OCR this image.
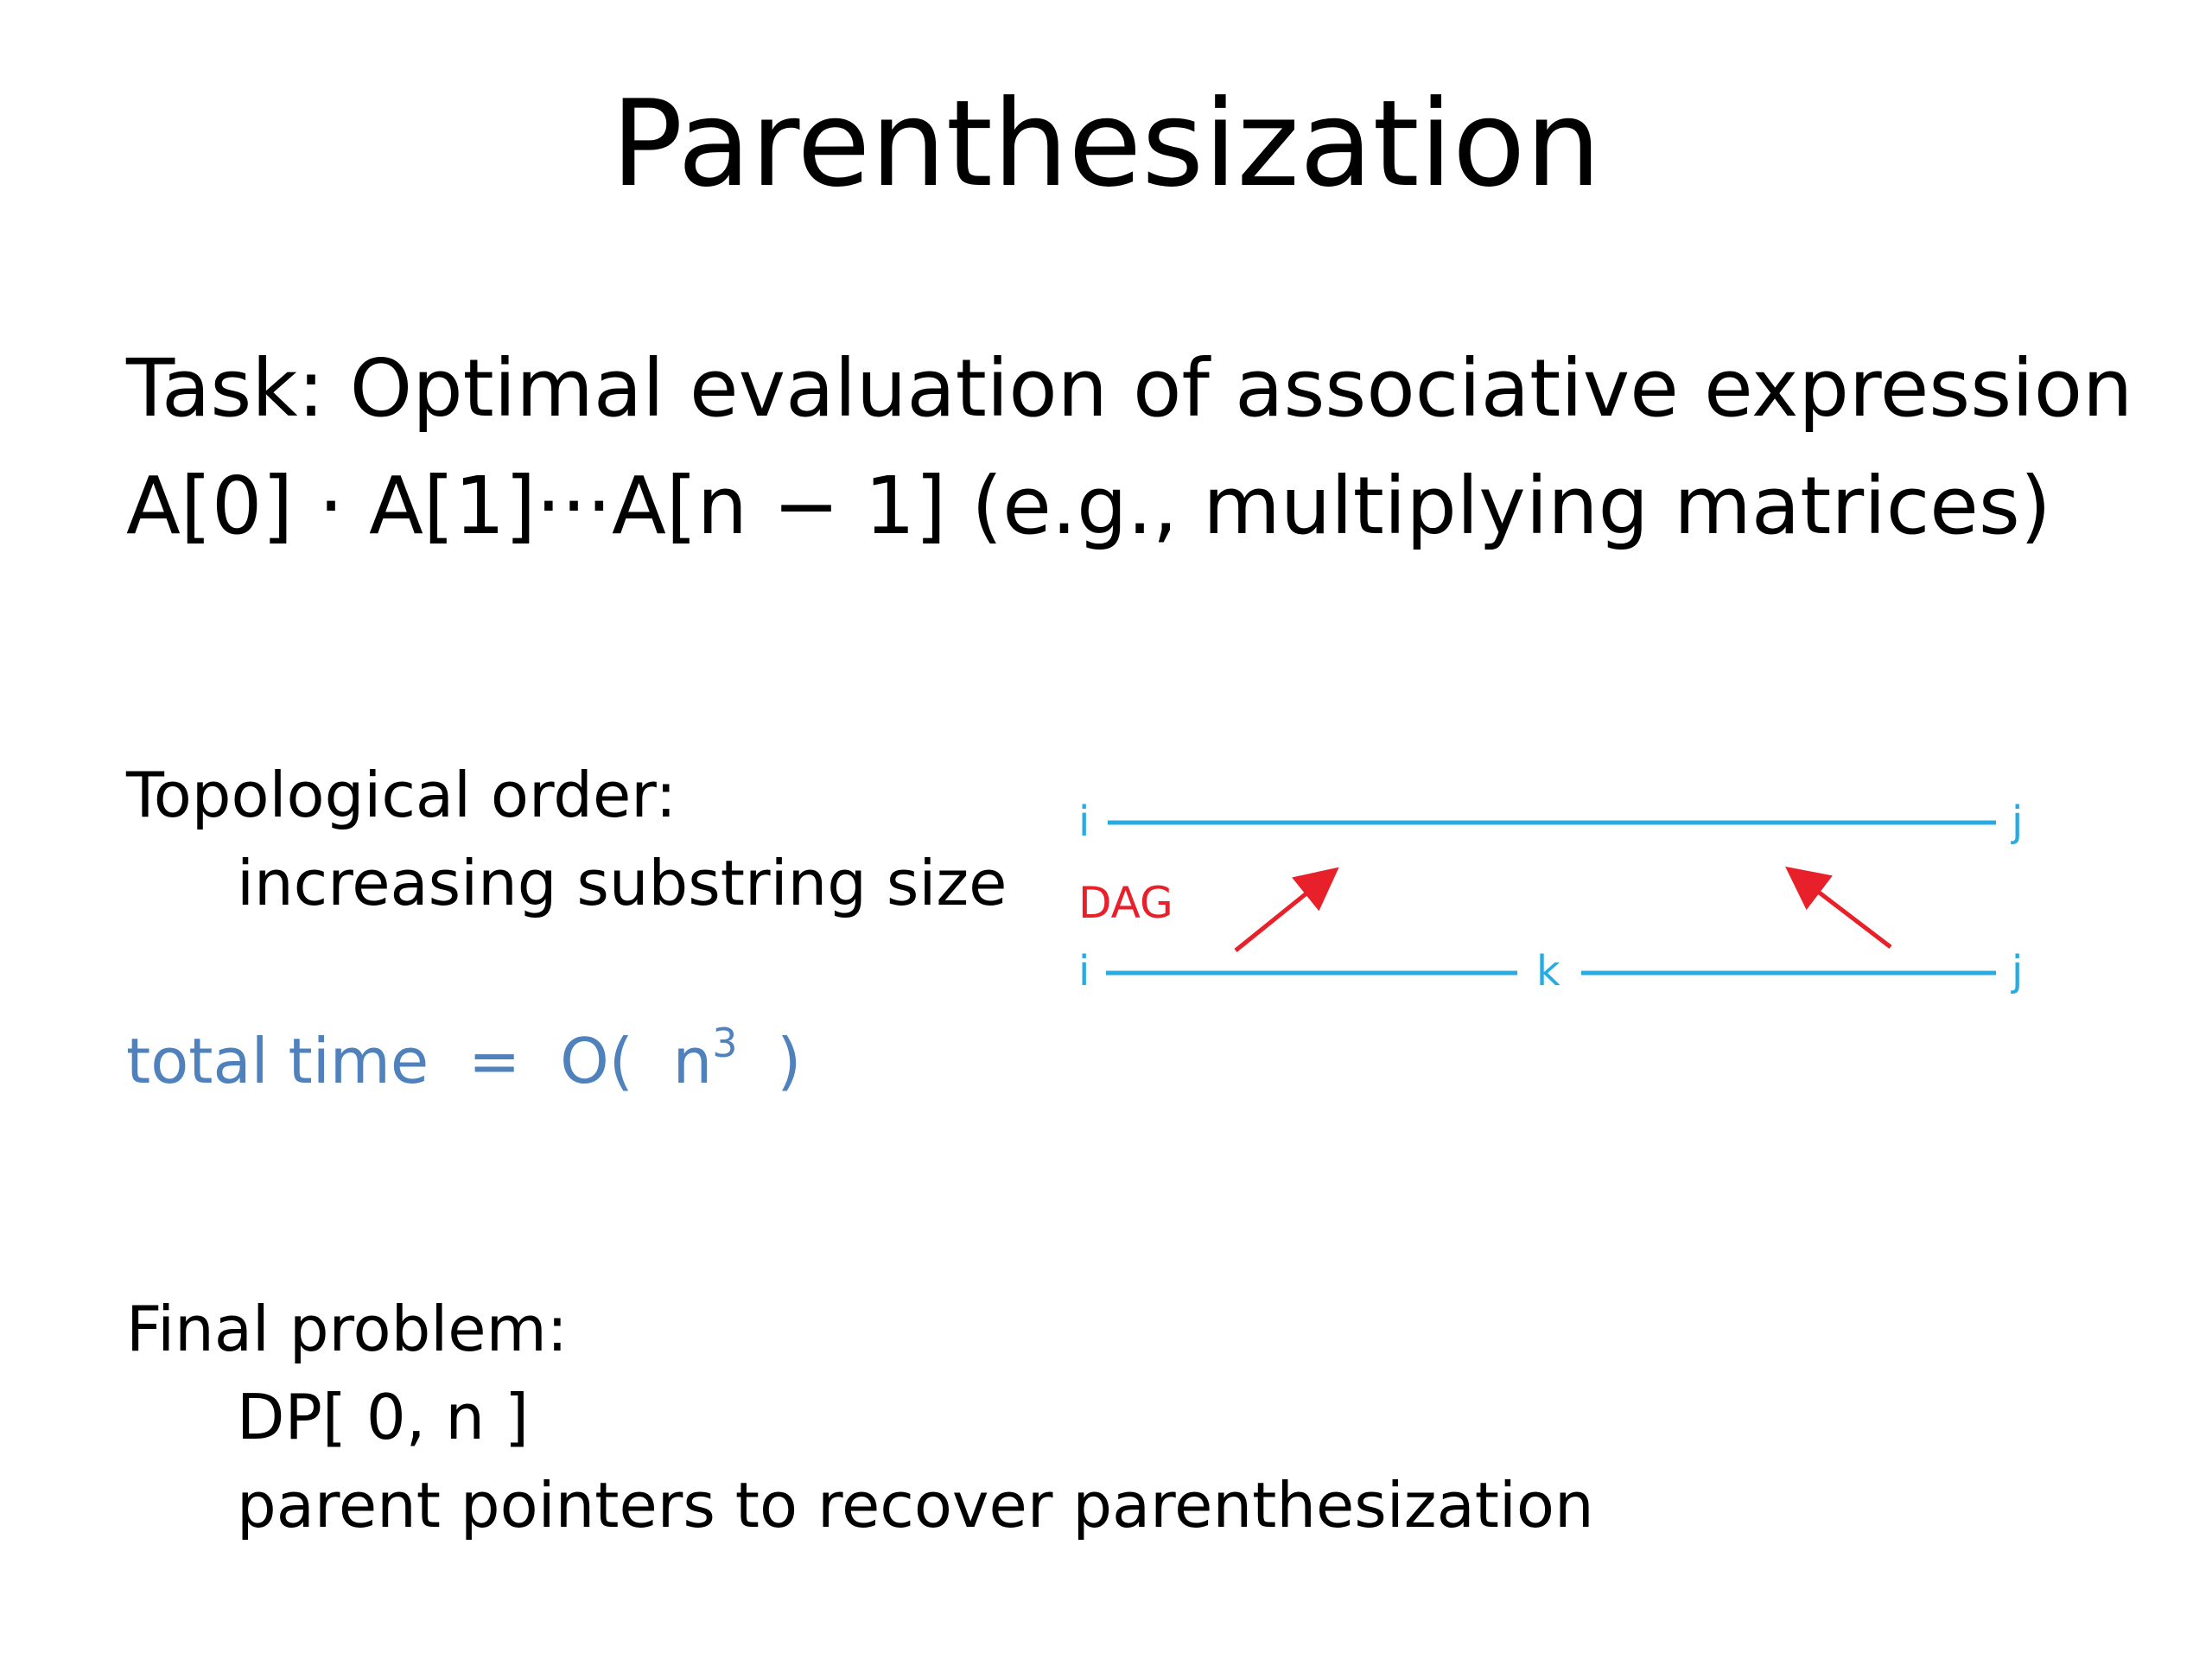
Parenthesization
Task: Optimal evaluation of associative expression
A[0] · A[1]···A[n − 1] (e.g., multiplying matrices)
Topological order:
increasing substring size
total time  =  O(  $n^3$  )
i	j
DAG
i	k	j
Final problem:
DP[ 0, n ]
parent pointers to recover parenthesization
